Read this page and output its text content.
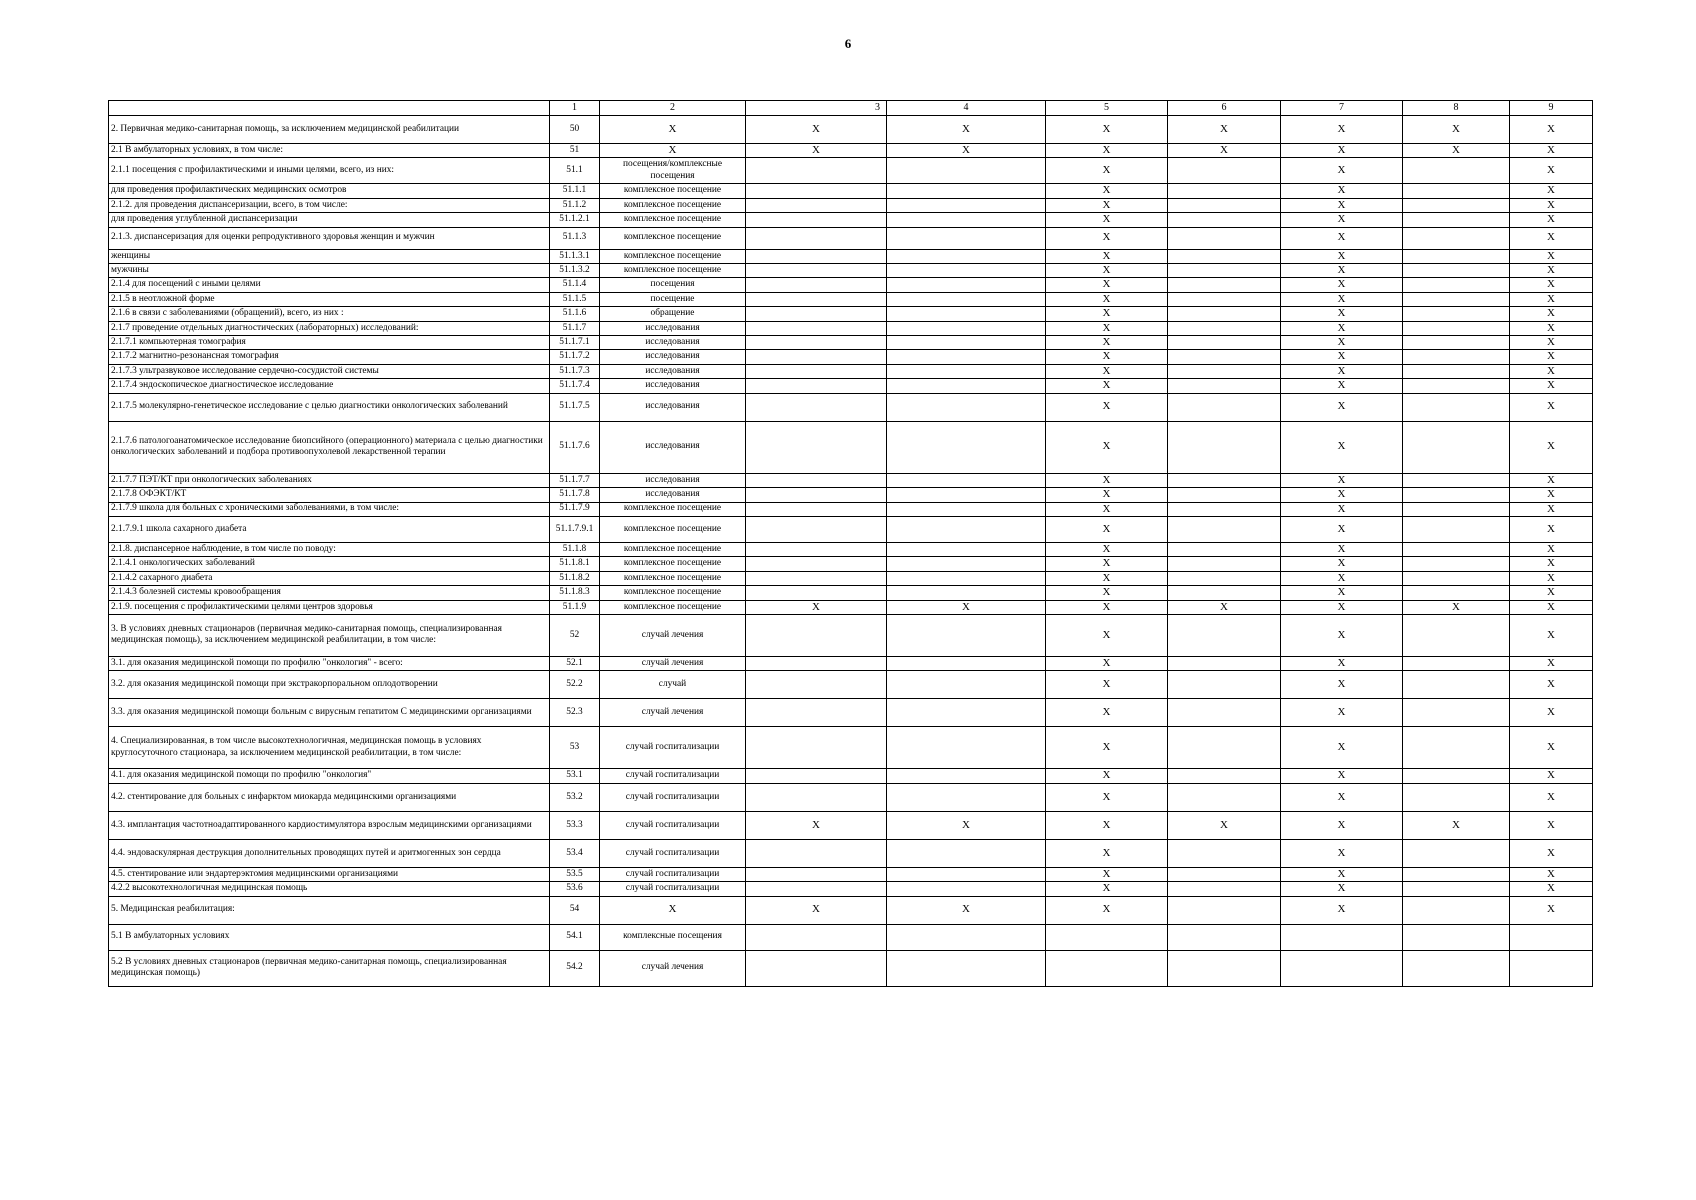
6
	1	2	3	4	5	6	7	8	9
2. Первичная медико-санитарная помощь, за исключением медицинской реабилитации	50	X	X	X	X	X	X	X	X
2.1 В амбулаторных условиях, в том числе:	51	X	X	X	X	X	X	X	X
2.1.1 посещения с профилактическими и иными целями, всего, из них:	51.1	посещения/комплексные посещения			X		X		X
для проведения профилактических медицинских осмотров	51.1.1	комплексное посещение			X		X		X
2.1.2. для проведения диспансеризации, всего, в том числе:	51.1.2	комплексное посещение			X		X		X
для проведения углубленной диспансеризации	51.1.2.1	комплексное посещение			X		X		X
2.1.3. диспансеризация для оценки репродуктивного здоровья женщин и мужчин	51.1.3	комплексное посещение			X		X		X
женщины	51.1.3.1	комплексное посещение			X		X		X
мужчины	51.1.3.2	комплексное посещение			X		X		X
2.1.4 для посещений с иными целями	51.1.4	посещения			X		X		X
2.1.5 в неотложной форме	51.1.5	посещение			X		X		X
2.1.6 в связи с заболеваниями (обращений), всего, из них :	51.1.6	обращение			X		X		X
2.1.7 проведение отдельных диагностических (лабораторных) исследований:	51.1.7	исследования			X		X		X
2.1.7.1 компьютерная томография	51.1.7.1	исследования			X		X		X
2.1.7.2 магнитно-резонансная томография	51.1.7.2	исследования			X		X		X
2.1.7.3 ультразвуковое исследование сердечно-сосудистой системы	51.1.7.3	исследования			X		X		X
2.1.7.4 эндоскопическое диагностическое исследование	51.1.7.4	исследования			X		X		X
2.1.7.5 молекулярно-генетическое исследование с целью диагностики онкологических заболеваний	51.1.7.5	исследования			X		X		X
2.1.7.6 патологоанатомическое исследование биопсийного (операционного) материала с целью диагностики онкологических заболеваний и подбора противоопухолевой лекарственной терапии	51.1.7.6	исследования			X		X		X
2.1.7.7 ПЭТ/КТ при онкологических заболеваниях	51.1.7.7	исследования			X		X		X
2.1.7.8 ОФЭКТ/КТ	51.1.7.8	исследования			X		X		X
2.1.7.9 школа для больных с хроническими заболеваниями, в том числе:	51.1.7.9	комплексное посещение			X		X		X
2.1.7.9.1 школа сахарного диабета	51.1.7.9.1	комплексное посещение			X		X		X
2.1.8. диспансерное наблюдение, в том числе по поводу:	51.1.8	комплексное посещение			X		X		X
2.1.4.1 онкологичеcких заболеваний	51.1.8.1	комплексное посещение			X		X		X
2.1.4.2 сахарного диабета	51.1.8.2	комплексное посещение			X		X		X
2.1.4.3 болезней системы кровообращения	51.1.8.3	комплексное посещение			X		X		X
2.1.9. посещения с профилактическими целями центров здоровья	51.1.9	комплексное посещение	X	X	X	X	X	X	X
3. В условиях дневных стационаров (первичная медико-санитарная помощь, специализированная медицинская помощь), за исключением медицинской реабилитации, в том числе:	52	случай лечения			X		X		X
3.1. для оказания медицинской помощи по профилю "онкология" - всего:	52.1	случай лечения			X		X		X
3.2. для оказания медицинской помощи при экстракорпоральном оплодотворении	52.2	случай			X		X		X
3.3. для оказания медицинской помощи больным с вирусным гепатитом С медицинскими организациями	52.3	случай лечения			X		X		X
4. Специализированная, в том числе высокотехнологичная, медицинская помощь в условиях круглосуточного стационара, за исключением медицинской реабилитации, в том числе:	53	случай госпитализации			X		X		X
4.1. для оказания медицинской помощи по профилю "онкология"	53.1	случай госпитализации			X		X		X
4.2. стентирование для больных с инфарктом миокарда медицинскими организациями	53.2	случай госпитализации			X		X		X
4.3. имплантация частотноадаптированного кардиостимулятора взрослым медицинскими организациями	53.3	случай госпитализации	X	X	X	X	X	X	X
4.4. эндоваскулярная деструкция дополнительных проводящих путей и аритмогенных зон сердца	53.4	случай госпитализации			X		X		X
4.5. стентирование или эндартерэктомия медицинскими организациями	53.5	случай госпитализации			X		X		X
4.2.2 высокотехнологичная медицинская помощь	53.6	случай госпитализации			X		X		X
5. Медицинская реабилитация:	54	X	X	X	X		X		X
5.1 В амбулаторных условиях	54.1	комплексные посещения							
5.2 В условиях дневных стационаров (первичная медико-санитарная помощь, специализированная медицинская помощь)	54.2	случай лечения							
